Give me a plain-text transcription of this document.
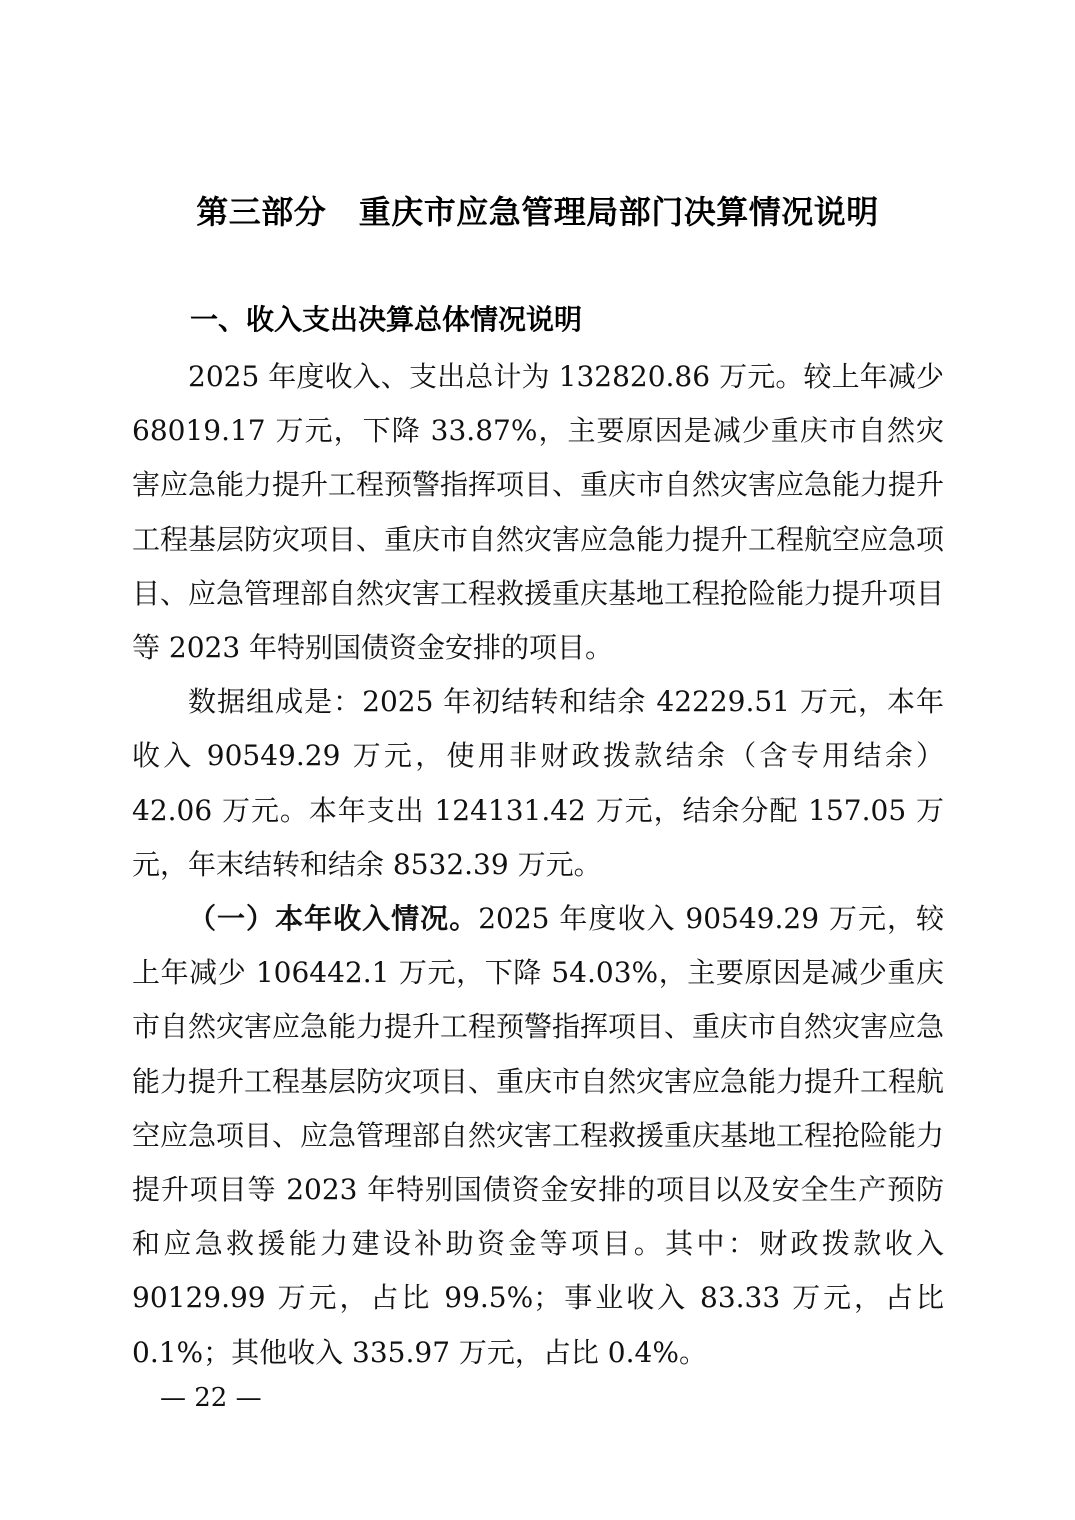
第三部分　重庆市应急管理局部门决算情况说明
一、收入支出决算总体情况说明

2025 年度收入、支出总计为 132820.86 万元。较上年减少 68019.17 万元，下降 33.87%，主要原因是减少重庆市自然灾害应急能力提升工程预警指挥项目、重庆市自然灾害应急能力提升工程基层防灾项目、重庆市自然灾害应急能力提升工程航空应急项目、应急管理部自然灾害工程救援重庆基地工程抢险能力提升项目等 2023 年特别国债资金安排的项目。

数据组成是：2025 年初结转和结余 42229.51 万元，本年收入 90549.29 万元，使用非财政拨款结余（含专用结余）42.06 万元。本年支出 124131.42 万元，结余分配 157.05 万元，年末结转和结余 8532.39 万元。

（一）本年收入情况。2025 年度收入 90549.29 万元，较上年减少 106442.1 万元，下降 54.03%，主要原因是减少重庆市自然灾害应急能力提升工程预警指挥项目、重庆市自然灾害应急能力提升工程基层防灾项目、重庆市自然灾害应急能力提升工程航空应急项目、应急管理部自然灾害工程救援重庆基地工程抢险能力提升项目等 2023 年特别国债资金安排的项目以及安全生产预防和应急救援能力建设补助资金等项目。其中：财政拨款收入 90129.99 万元，占比 99.5%；事业收入 83.33 万元，占比 0.1%；其他收入 335.97 万元，占比 0.4%。

— 22 —
